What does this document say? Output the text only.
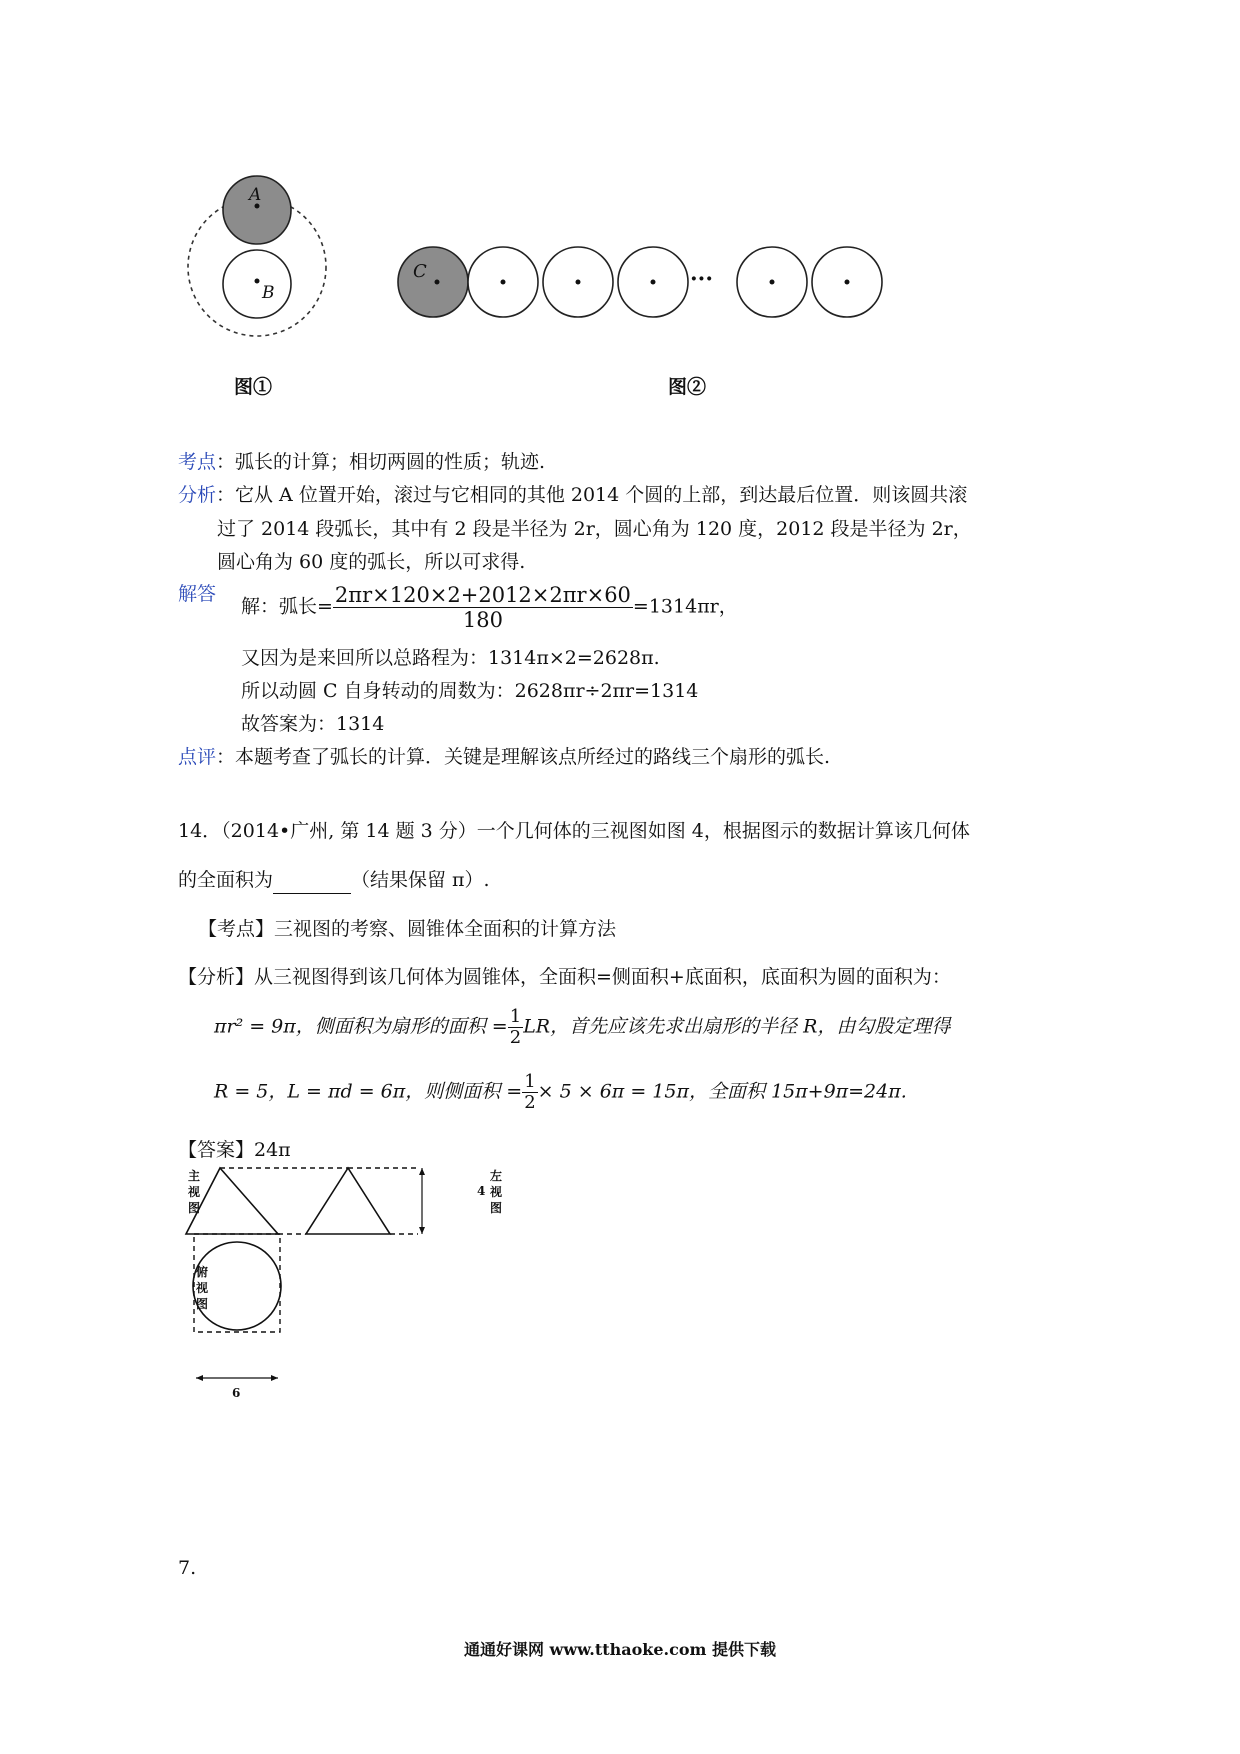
A
B
图①
C	···
图②
考点：弧长的计算；相切两圆的性质；轨迹.
分析：它从 A 位置开始，滚过与它相同的其他 2014 个圆的上部，到达最后位置．则该圆共滚
过了 2014 段弧长，其中有 2 段是半径为 2r，圆心角为 120 度，2012 段是半径为 2r，
圆心角为 60 度的弧长，所以可求得.
解答
解：弧长= $\frac{2\pi r\times 120\times 2+2012\times 2\pi r\times 60}{180} =1314\pi r$，
又因为是来回所以总路程为：1314π×2=2628π.
所以动圆 C 自身转动的周数为：2628πr÷2πr=1314
故答案为：1314
点评：本题考查了弧长的计算．关键是理解该点所经过的路线三个扇形的弧长.
14．（2014•广州, 第 14 题 3 分）一个几何体的三视图如图 4，根据图示的数据计算该几何体
的全面积为	（结果保留 π）.
【考点】三视图的考察、圆锥体全面积的计算方法
【分析】从三视图得到该几何体为圆锥体，全面积=侧面积+底面积，底面积为圆的面积为：
πr² = 9π，侧面积为扇形的面积 = $\frac{1}{2}$ LR，首先应该先求出扇形的半径 R，由勾股定理得
R = 5，L = πd = 6π，则侧面积 = $\frac{1}{2} \times 5 \times 6\pi = 15\pi$，全面积 15π+9π=24π.
【答案】24π
主视图
4
左视图
俯视图
6
7.
通通好课网 www.tthaoke.com 提供下载
